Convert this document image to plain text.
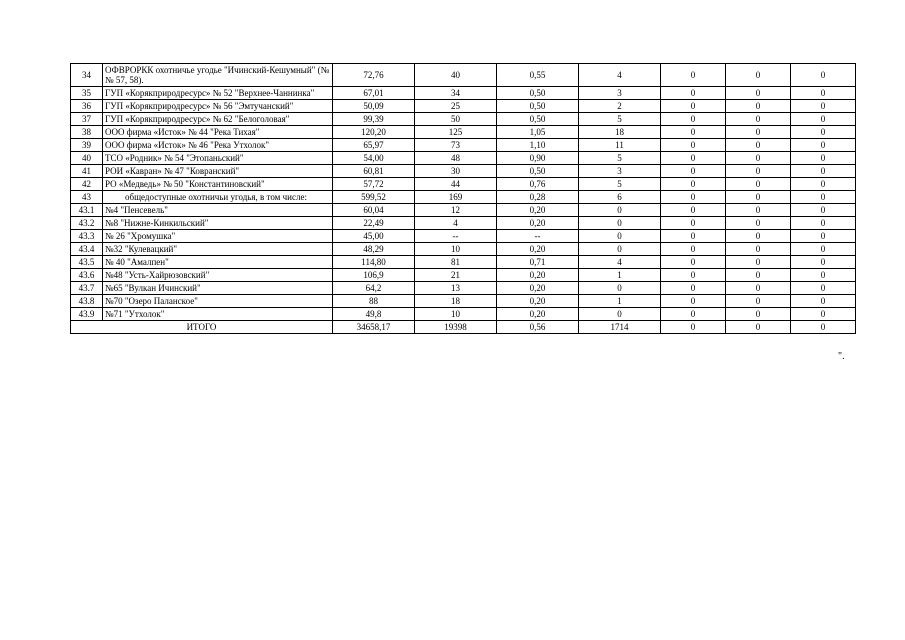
34	ОФВРОРКК охотничье угодье "Ичинский-Кешумный" (№№ 57, 58).	72,76	40	0,55	4	0	0	0
35	ГУП «Корякприродресурс» № 52 "Верхнее-Чаннинка"	67,01	34	0,50	3	0	0	0
36	ГУП «Корякприродресурс» № 56 "Эмтучанский"	50,09	25	0,50	2	0	0	0
37	ГУП «Корякприродресурс» № 62 "Белоголовая"	99,39	50	0,50	5	0	0	0
38	ООО фирма «Исток» № 44 "Река Тихая"	120,20	125	1,05	18	0	0	0
39	ООО фирма «Исток» № 46 "Река Утхолок"	65,97	73	1,10	11	0	0	0
40	ТСО «Родник» № 54 "Этопаньский"	54,00	48	0,90	5	0	0	0
41	РОИ «Кавран» № 47 "Ковранский"	60,81	30	0,50	3	0	0	0
42	РО «Медведь» № 50 "Константиновский"	57,72	44	0,76	5	0	0	0
43	общедоступные охотничьи угодья, в том числе:	599,52	169	0,28	6	0	0	0
43.1	№4 "Пенсевель"	60,04	12	0,20	0	0	0	0
43.2	№8 "Нижне-Кинкильский"	22,49	4	0,20	0	0	0	0
43.3	№ 26 "Хромушка"	45,00	--	--	0	0	0	0
43.4	№32 "Кулевацкий"	48,29	10	0,20	0	0	0	0
43.5	№ 40 "Амалпен"	114,80	81	0,71	4	0	0	0
43.6	№48 "Усть-Хайрюзовский"	106,9	21	0,20	1	0	0	0
43.7	№65 "Вулкан Ичинский"	64,2	13	0,20	0	0	0	0
43.8	№70 "Озеро Паланское"	88	18	0,20	1	0	0	0
43.9	№71 "Утхолок"	49,8	10	0,20	0	0	0	0
ИТОГО		34658,17	19398	0,56	1714	0	0	0
".
